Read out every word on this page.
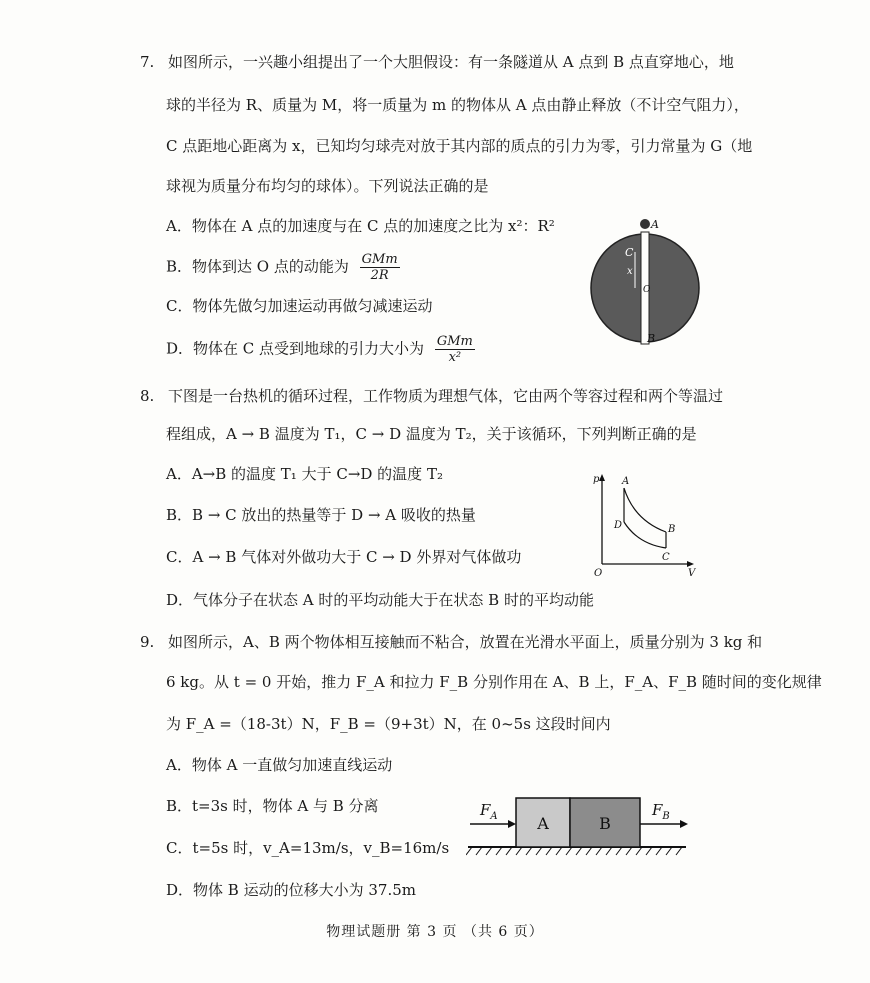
7. 如图所示，一兴趣小组提出了一个大胆假设：有一条隧道从 A 点到 B 点直穿地心，地
球的半径为 R、质量为 M，将一质量为 m 的物体从 A 点由静止释放（不计空气阻力），
C 点距地心距离为 x，已知均匀球壳对放于其内部的质点的引力为零，引力常量为 G（地
球视为质量分布均匀的球体）。下列说法正确的是
A．物体在 A 点的加速度与在 C 点的加速度之比为 x²：R²
B．物体到达 O 点的动能为 $\frac{\text{GMm}}{2R}$
C．物体先做匀加速运动再做匀减速运动
D．物体在 C 点受到地球的引力大小为 $\frac{\text{GMm}}{\text{x²}}$
A
C
x
O
B
8. 下图是一台热机的循环过程，工作物质为理想气体，它由两个等容过程和两个等温过
程组成，A → B 温度为 T₁，C → D 温度为 T₂，关于该循环，下列判断正确的是
A．A→B 的温度 T₁ 大于 C→D 的温度 T₂
B．B → C 放出的热量等于 D → A 吸收的热量
C．A → B 气体对外做功大于 C → D 外界对气体做功
D．气体分子在状态 A 时的平均动能大于在状态 B 时的平均动能
p
V
O
A
B
C
D
9. 如图所示，A、B 两个物体相互接触而不粘合，放置在光滑水平面上，质量分别为 3 kg 和
6 kg。从 t = 0 开始，推力 F_A 和拉力 F_B 分别作用在 A、B 上，F_A、F_B 随时间的变化规律
为 F_A =（18-3t）N，F_B =（9+3t）N，在 0~5s 这段时间内
A．物体 A 一直做匀加速直线运动
B．t=3s 时，物体 A 与 B 分离
C．t=5s 时，v_A=13m/s，v_B=16m/s
D．物体 B 运动的位移大小为 37.5m
A	B
$F_A$	$F_B$
物理试题册 第 3 页 （共 6 页）
